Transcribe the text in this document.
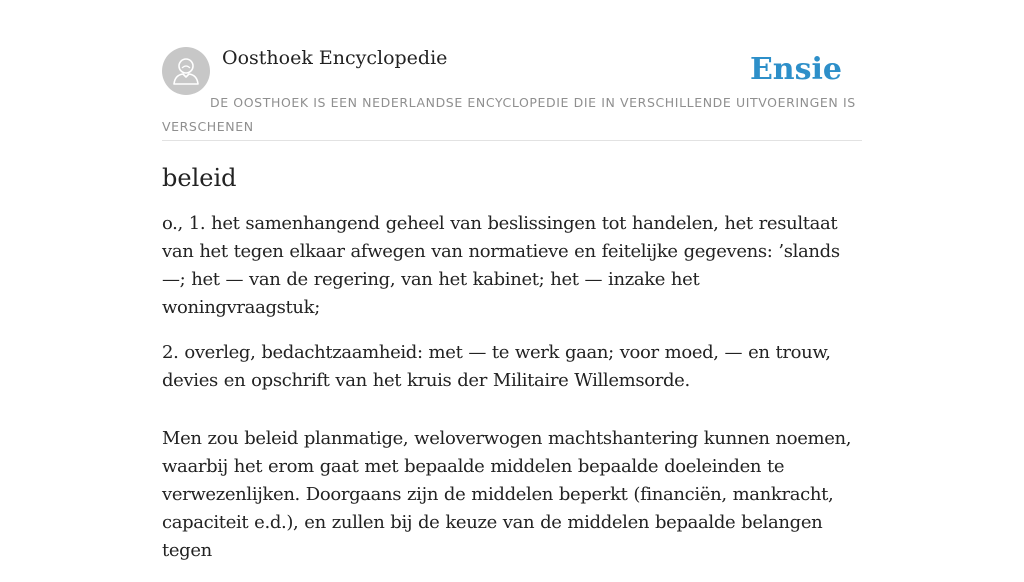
Oosthoek Encyclopedie	Ensie
DE OOSTHOEK IS EEN NEDERLANDSE ENCYCLOPEDIE DIE IN VERSCHILLENDE UITVOERINGEN IS VERSCHENEN
beleid

o., 1. het samenhangend geheel van beslissingen tot handelen, het resultaat van het tegen elkaar afwegen van normatieve en feitelijke gegevens: ’slands —; het — van de regering, van het kabinet; het — inzake het woningvraagstuk;

2. overleg, bedachtzaamheid: met — te werk gaan; voor moed, — en trouw, devies en opschrift van het kruis der Militaire Willemsorde.

Men zou beleid planmatige, weloverwogen machtshantering kunnen noemen, waarbij het erom gaat met bepaalde middelen bepaalde doeleinden te verwezenlijken. Doorgaans zijn de middelen beperkt (financiën, mankracht, capaciteit e.d.), en zullen bij de keuze van de middelen bepaalde belangen tegen
